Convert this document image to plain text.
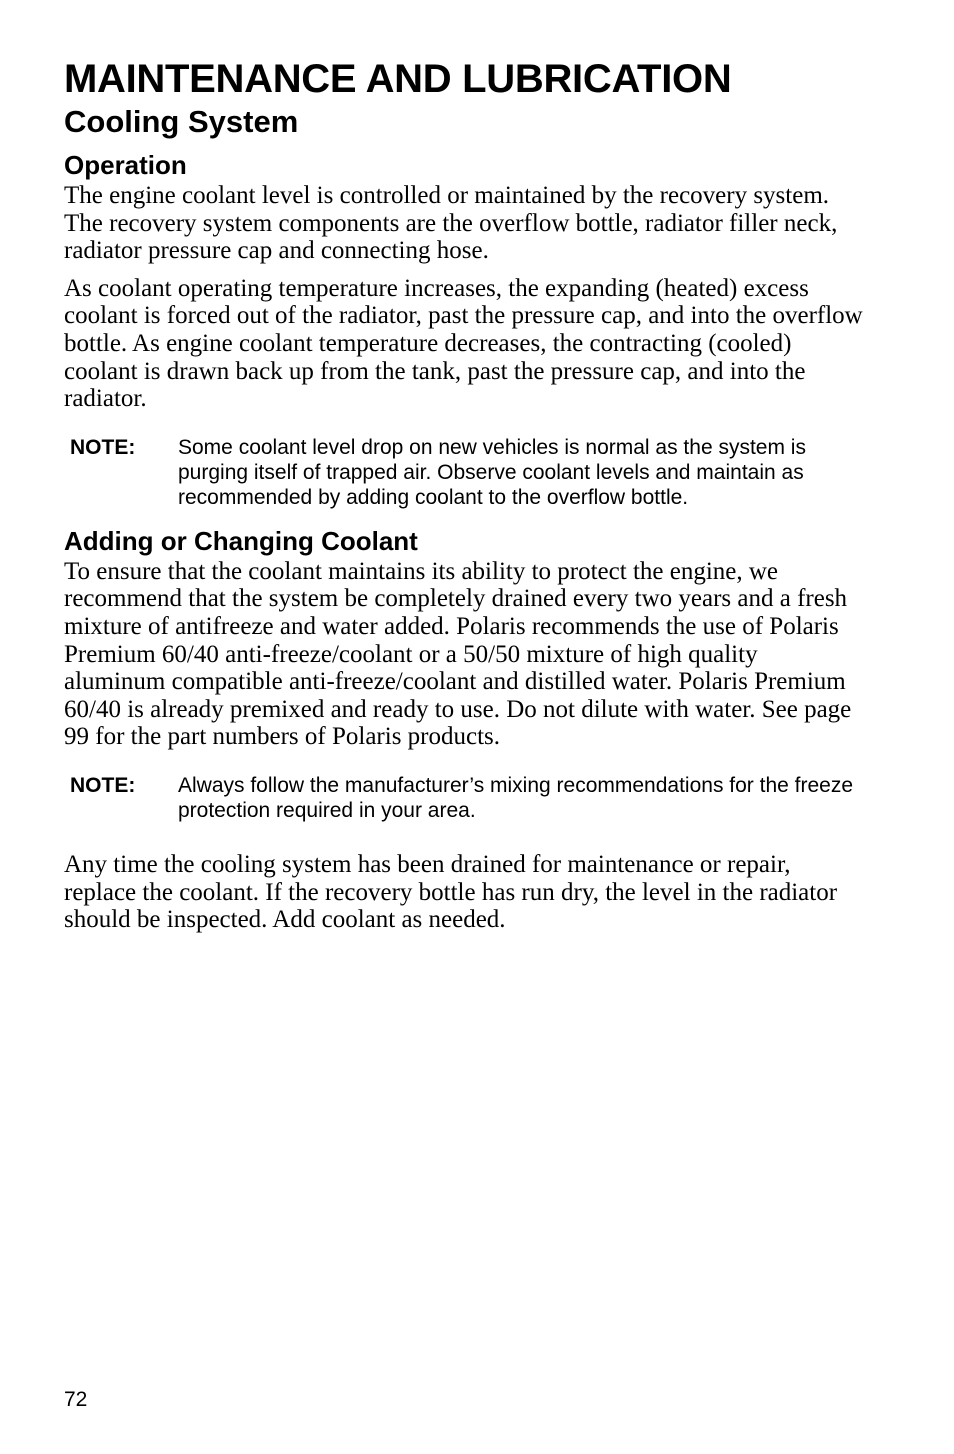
MAINTENANCE AND LUBRICATION
Cooling System
Operation

The engine coolant level is controlled or maintained by the recovery system. The recovery system components are the overflow bottle, radiator filler neck, radiator pressure cap and connecting hose.

As coolant operating temperature increases, the expanding (heated) excess coolant is forced out of the radiator, past the pressure cap, and into the overflow bottle. As engine coolant temperature decreases, the contracting (cooled) coolant is drawn back up from the tank, past the pressure cap, and into the radiator.

NOTE:	Some coolant level drop on new vehicles is normal as the system is purging itself of trapped air. Observe coolant levels and maintain as recommended by adding coolant to the overflow bottle.
Adding or Changing Coolant

To ensure that the coolant maintains its ability to protect the engine, we recommend that the system be completely drained every two years and a fresh mixture of antifreeze and water added. Polaris recommends the use of Polaris Premium 60/40 anti-freeze/coolant or a 50/50 mixture of high quality aluminum compatible anti-freeze/coolant and distilled water. Polaris Premium 60/40 is already premixed and ready to use. Do not dilute with water. See page 99 for the part numbers of Polaris products.

NOTE:	Always follow the manufacturer’s mixing recommendations for the freeze protection required in your area.

Any time the cooling system has been drained for maintenance or repair, replace the coolant. If the recovery bottle has run dry, the level in the radiator should be inspected. Add coolant as needed.

72
